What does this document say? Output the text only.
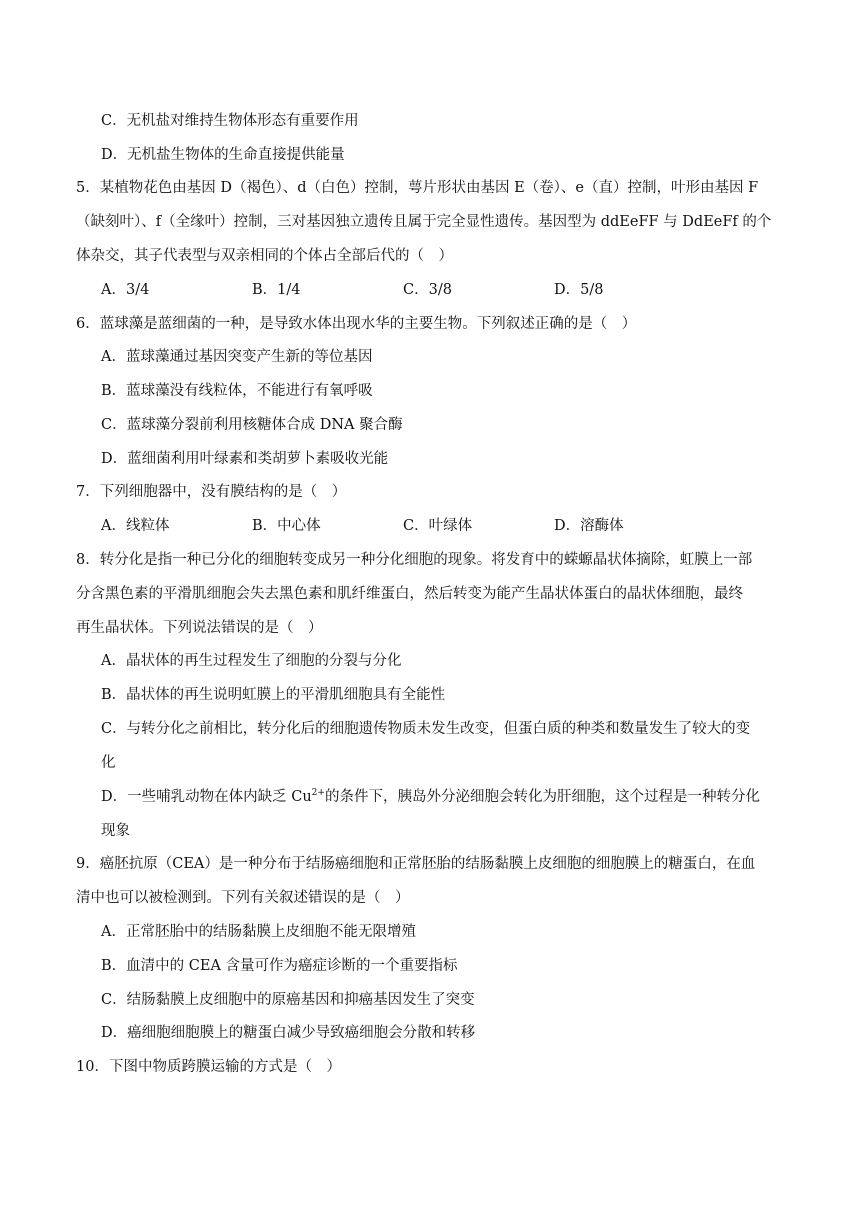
C．无机盐对维持生物体形态有重要作用
D．无机盐生物体的生命直接提供能量
5．某植物花色由基因 D（褐色）、d（白色）控制，萼片形状由基因 E（卷）、e（直）控制，叶形由基因 F
（缺刻叶）、f（全缘叶）控制，三对基因独立遗传且属于完全显性遗传。基因型为 ddEeFF 与 DdEeFf 的个
体杂交，其子代表型与双亲相同的个体占全部后代的（　）
A．3/4	B．1/4	C．3/8	D．5/8
6．蓝球藻是蓝细菌的一种，是导致水体出现水华的主要生物。下列叙述正确的是（　）
A．蓝球藻通过基因突变产生新的等位基因
B．蓝球藻没有线粒体，不能进行有氧呼吸
C．蓝球藻分裂前利用核糖体合成 DNA 聚合酶
D．蓝细菌利用叶绿素和类胡萝卜素吸收光能
7．下列细胞器中，没有膜结构的是（　）
A．线粒体	B．中心体	C．叶绿体	D．溶酶体
8．转分化是指一种已分化的细胞转变成另一种分化细胞的现象。将发育中的蝾螈晶状体摘除，虹膜上一部
分含黑色素的平滑肌细胞会失去黑色素和肌纤维蛋白，然后转变为能产生晶状体蛋白的晶状体细胞，最终
再生晶状体。下列说法错误的是（　）
A．晶状体的再生过程发生了细胞的分裂与分化
B．晶状体的再生说明虹膜上的平滑肌细胞具有全能性
C．与转分化之前相比，转分化后的细胞遗传物质未发生改变，但蛋白质的种类和数量发生了较大的变
化
D．一些哺乳动物在体内缺乏 $Cu^{2+}$的条件下，胰岛外分泌细胞会转化为肝细胞，这个过程是一种转分化
现象
9．癌胚抗原（CEA）是一种分布于结肠癌细胞和正常胚胎的结肠黏膜上皮细胞的细胞膜上的糖蛋白，在血
清中也可以被检测到。下列有关叙述错误的是（　）
A．正常胚胎中的结肠黏膜上皮细胞不能无限增殖
B．血清中的 CEA 含量可作为癌症诊断的一个重要指标
C．结肠黏膜上皮细胞中的原癌基因和抑癌基因发生了突变
D．癌细胞细胞膜上的糖蛋白减少导致癌细胞会分散和转移
10．下图中物质跨膜运输的方式是（　）
